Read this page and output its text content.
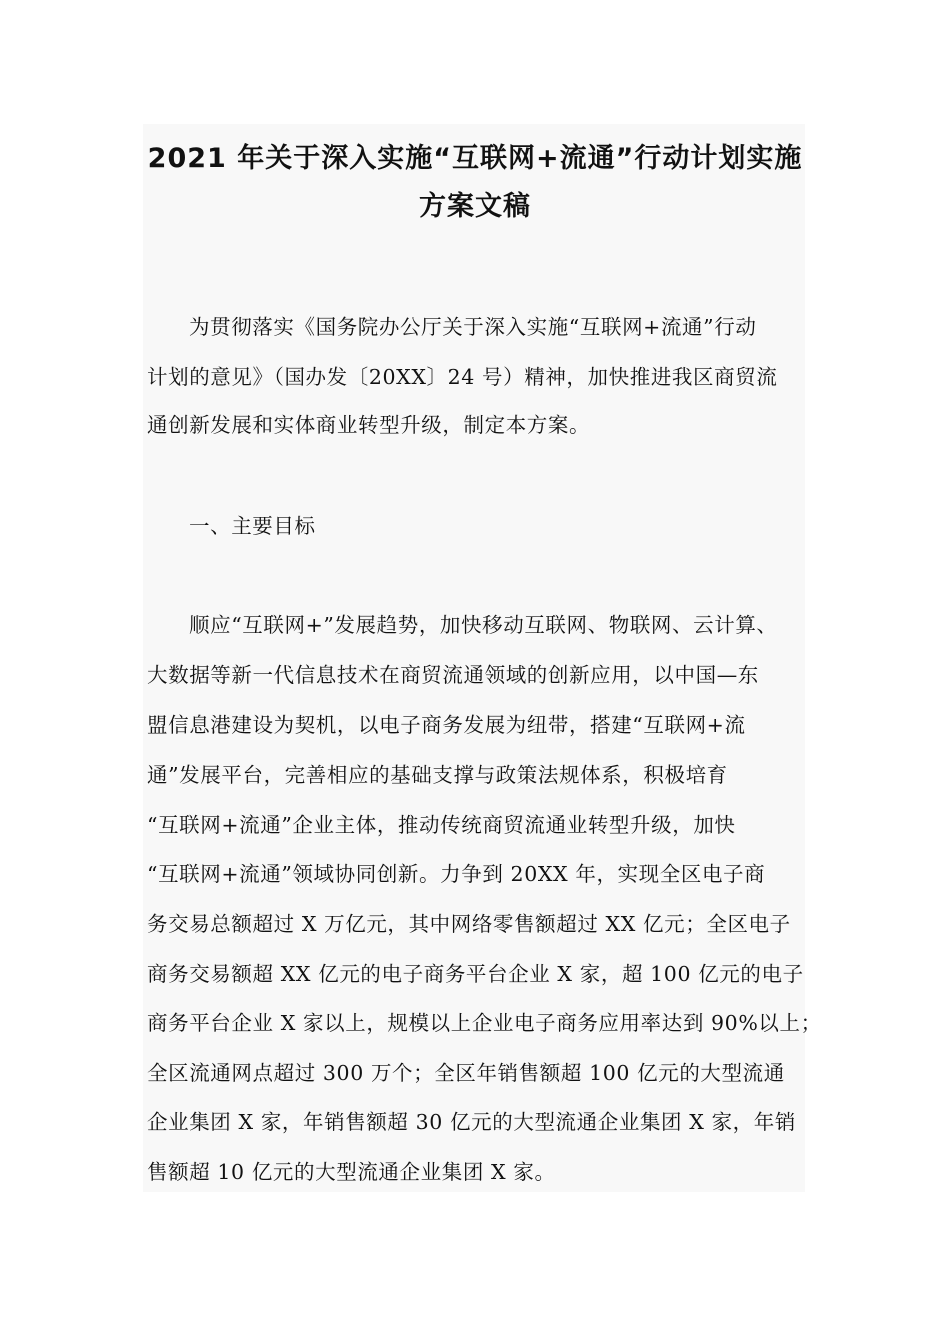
2021 年关于深入实施“互联网+流通”行动计划实施
方案文稿
为贯彻落实《国务院办公厅关于深入实施“互联网+流通”行动
计划的意见》（国办发〔20XX〕24 号）精神，加快推进我区商贸流
通创新发展和实体商业转型升级，制定本方案。
一、主要目标
顺应“互联网+”发展趋势，加快移动互联网、物联网、云计算、
大数据等新一代信息技术在商贸流通领域的创新应用，以中国—东
盟信息港建设为契机，以电子商务发展为纽带，搭建“互联网+流
通”发展平台，完善相应的基础支撑与政策法规体系，积极培育
“互联网+流通”企业主体，推动传统商贸流通业转型升级，加快
“互联网+流通”领域协同创新。力争到 20XX 年，实现全区电子商
务交易总额超过 X 万亿元，其中网络零售额超过 XX 亿元；全区电子
商务交易额超 XX 亿元的电子商务平台企业 X 家，超 100 亿元的电子
商务平台企业 X 家以上，规模以上企业电子商务应用率达到 90%以上；
全区流通网点超过 300 万个；全区年销售额超 100 亿元的大型流通
企业集团 X 家，年销售额超 30 亿元的大型流通企业集团 X 家，年销
售额超 10 亿元的大型流通企业集团 X 家。
